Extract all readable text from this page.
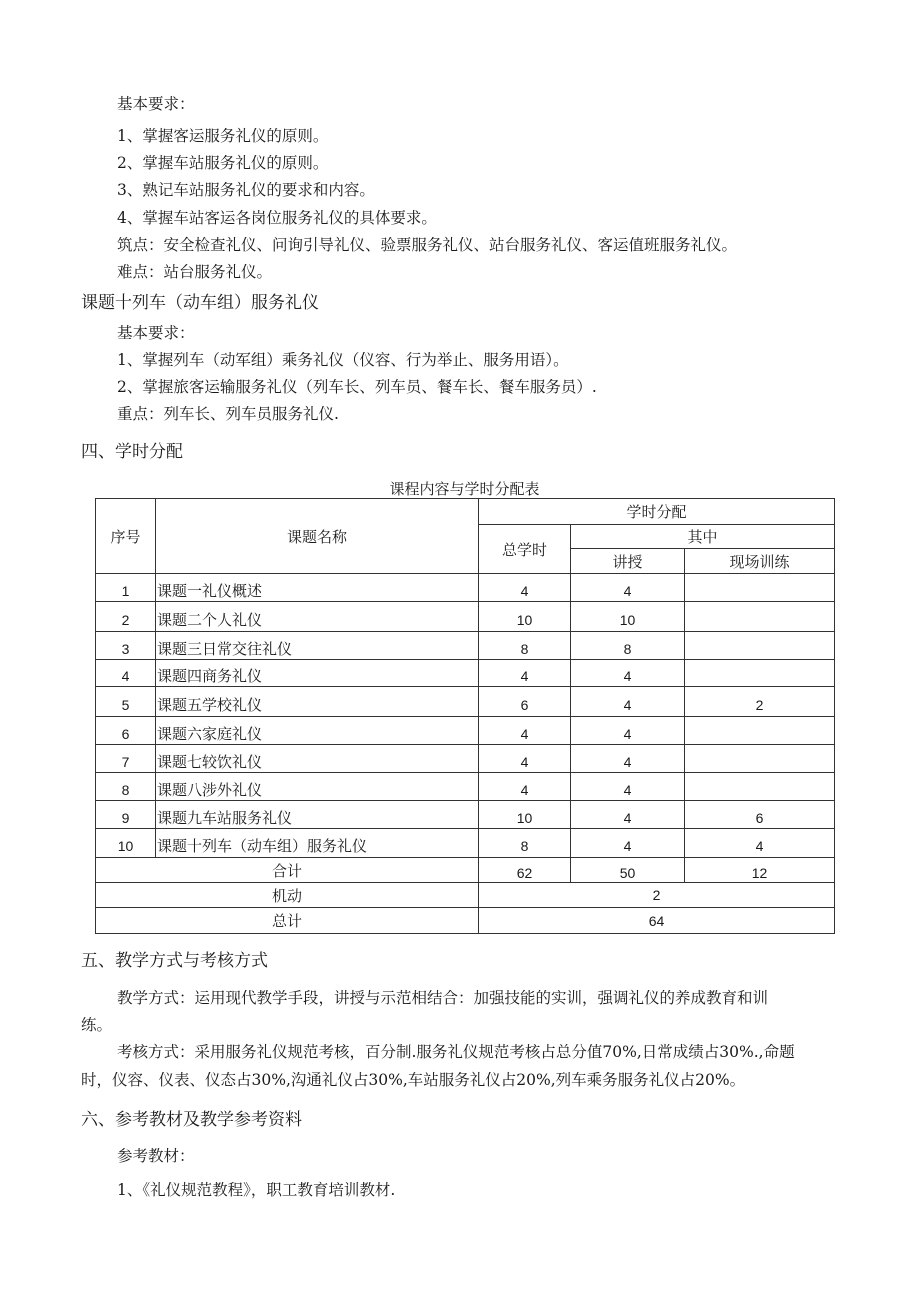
基本要求：
1、掌握客运服务礼仪的原则。
2、掌握车站服务礼仪的原则。
3、熟记车站服务礼仪的要求和内容。
4、掌握车站客运各岗位服务礼仪的具体要求。
筑点：安全检查礼仪、问询引导礼仪、验票服务礼仪、站台服务礼仪、客运值班服务礼仪。
难点：站台服务礼仪。
课题十列车（动车组）服务礼仪
基本要求：
1、掌握列车（动军组）乘务礼仪（仪容、行为举止、服务用语）。
2、掌握旅客运输服务礼仪（列车长、列车员、餐车长、餐车服务员）.
重点：列车长、列车员服务礼仪.
四、学时分配
课程内容与学时分配表
序号	课题名称	学时分配		
		总学时	其中	
			讲授	现场训练
1	课题一礼仪概述	4	4	
2	课题二个人礼仪	10	10	
3	课题三日常交往礼仪	8	8	
4	课题四商务礼仪	4	4	
5	课题五学校礼仪	6	4	2
6	课题六家庭礼仪	4	4	
7	课题七较饮礼仪	4	4	
8	课题八涉外礼仪	4	4	
9	课题九车站服务礼仪	10	4	6
10	课题十列车（动车组）服务礼仪	8	4	4
合计		62	50	12
机动		2		
总计		64		
五、教学方式与考核方式
教学方式：运用现代教学手段，讲授与示范相结合：加强技能的实训，强调礼仪的养成教育和训
练。
考核方式：采用服务礼仪规范考核，百分制.服务礼仪规范考核占总分值70%,日常成绩占30%.,命题
时，仪容、仪表、仪态占30%,沟通礼仪占30%,车站服务礼仪占20%,列车乘务服务礼仪占20%。
六、参考教材及教学参考资料
参考教材：
1、《礼仪规范教程》，职工教育培训教材.
